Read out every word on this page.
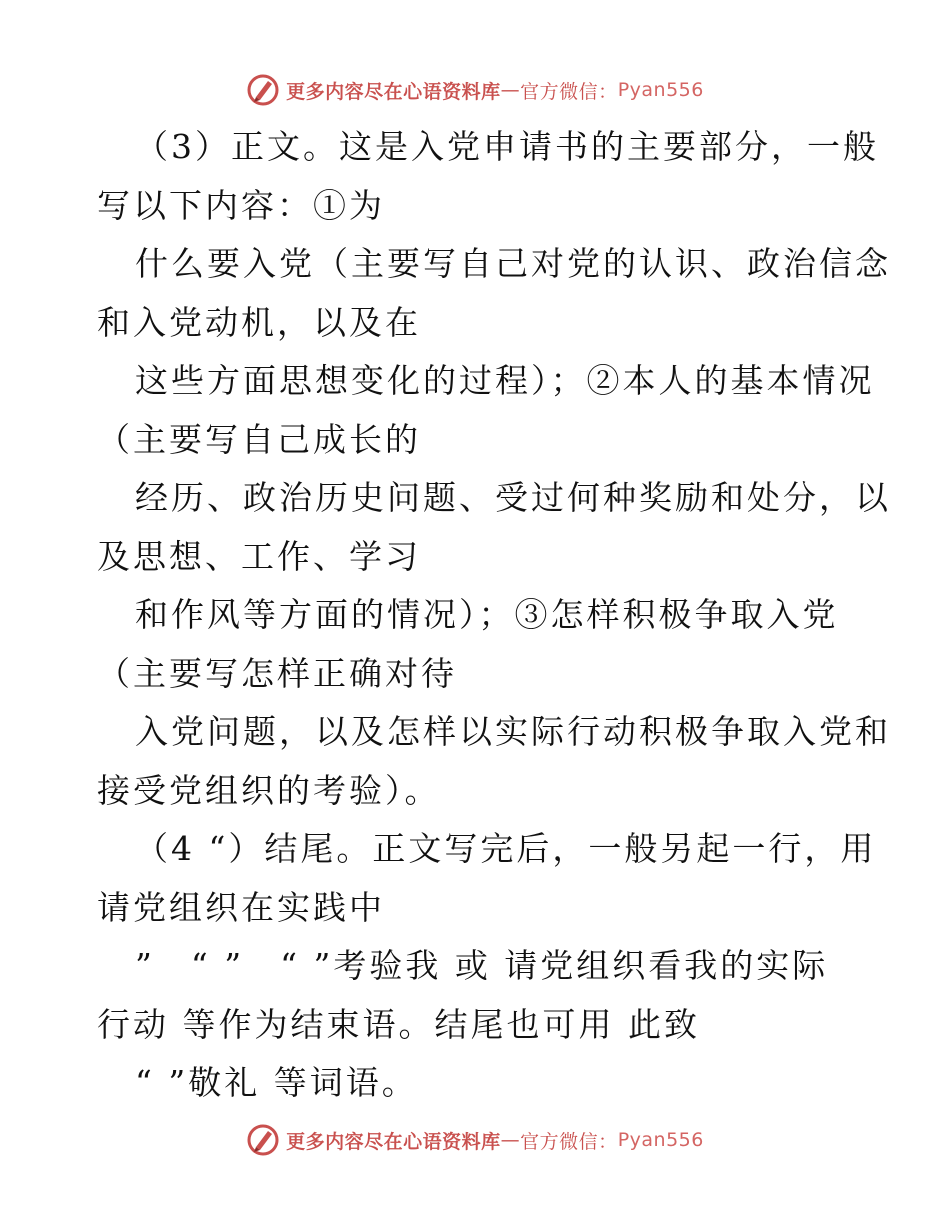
更多内容尽在心语资料库 — 官方微信： Pyan556
（3）正文。这是入党申请书的主要部分，一般
写以下内容：①为
什么要入党（主要写自己对党的认识、政治信念
和入党动机，以及在
这些方面思想变化的过程）；②本人的基本情况
（主要写自己成长的
经历、政治历史问题、受过何种奖励和处分，以
及思想、工作、学习
和作风等方面的情况）；③怎样积极争取入党
（主要写怎样正确对待
入党问题，以及怎样以实际行动积极争取入党和
接受党组织的考验）。
（4 “）结尾。正文写完后，一般另起一行，用
请党组织在实践中
”　“ ”　“ ”考验我 或 请党组织看我的实际
行动 等作为结束语。结尾也可用 此致
“ ”敬礼 等词语。
更多内容尽在心语资料库 — 官方微信： Pyan556
